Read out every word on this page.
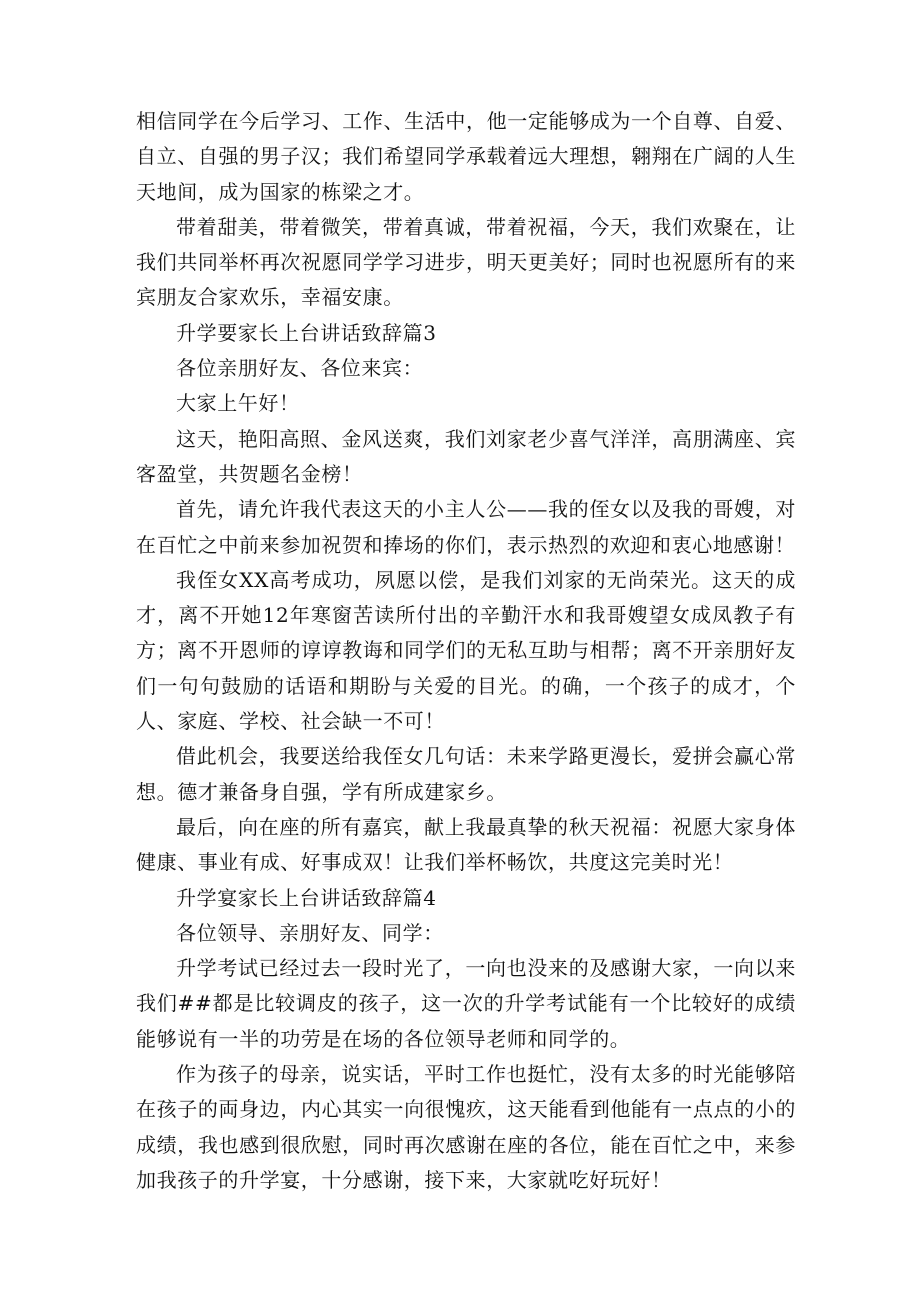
相信同学在今后学习、工作、生活中，他一定能够成为一个自尊、自爱、自立、自强的男子汉；我们希望同学承载着远大理想，翱翔在广阔的人生天地间，成为国家的栋梁之才。

带着甜美，带着微笑，带着真诚，带着祝福，今天，我们欢聚在，让我们共同举杯再次祝愿同学学习进步，明天更美好；同时也祝愿所有的来宾朋友合家欢乐，幸福安康。

升学要家长上台讲话致辞篇3

各位亲朋好友、各位来宾：

大家上午好！

这天，艳阳高照、金风送爽，我们刘家老少喜气洋洋，高朋满座、宾客盈堂，共贺题名金榜！

首先，请允许我代表这天的小主人公——我的侄女以及我的哥嫂，对在百忙之中前来参加祝贺和捧场的你们，表示热烈的欢迎和衷心地感谢！

我侄女XX高考成功，夙愿以偿，是我们刘家的无尚荣光。这天的成才，离不开她12年寒窗苦读所付出的辛勤汗水和我哥嫂望女成凤教子有方；离不开恩师的谆谆教诲和同学们的无私互助与相帮；离不开亲朋好友们一句句鼓励的话语和期盼与关爱的目光。的确，一个孩子的成才，个人、家庭、学校、社会缺一不可！

借此机会，我要送给我侄女几句话：未来学路更漫长，爱拼会赢心常想。德才兼备身自强，学有所成建家乡。

最后，向在座的所有嘉宾，献上我最真挚的秋天祝福：祝愿大家身体健康、事业有成、好事成双！让我们举杯畅饮，共度这完美时光！

升学宴家长上台讲话致辞篇4

各位领导、亲朋好友、同学：

升学考试已经过去一段时光了，一向也没来的及感谢大家，一向以来我们##都是比较调皮的孩子，这一次的升学考试能有一个比较好的成绩能够说有一半的功劳是在场的各位领导老师和同学的。

作为孩子的母亲，说实话，平时工作也挺忙，没有太多的时光能够陪在孩子的両身边，内心其实一向很愧疚，这天能看到他能有一点点的小的成绩，我也感到很欣慰，同时再次感谢在座的各位，能在百忙之中，来参加我孩子的升学宴，十分感谢，接下来，大家就吃好玩好！
